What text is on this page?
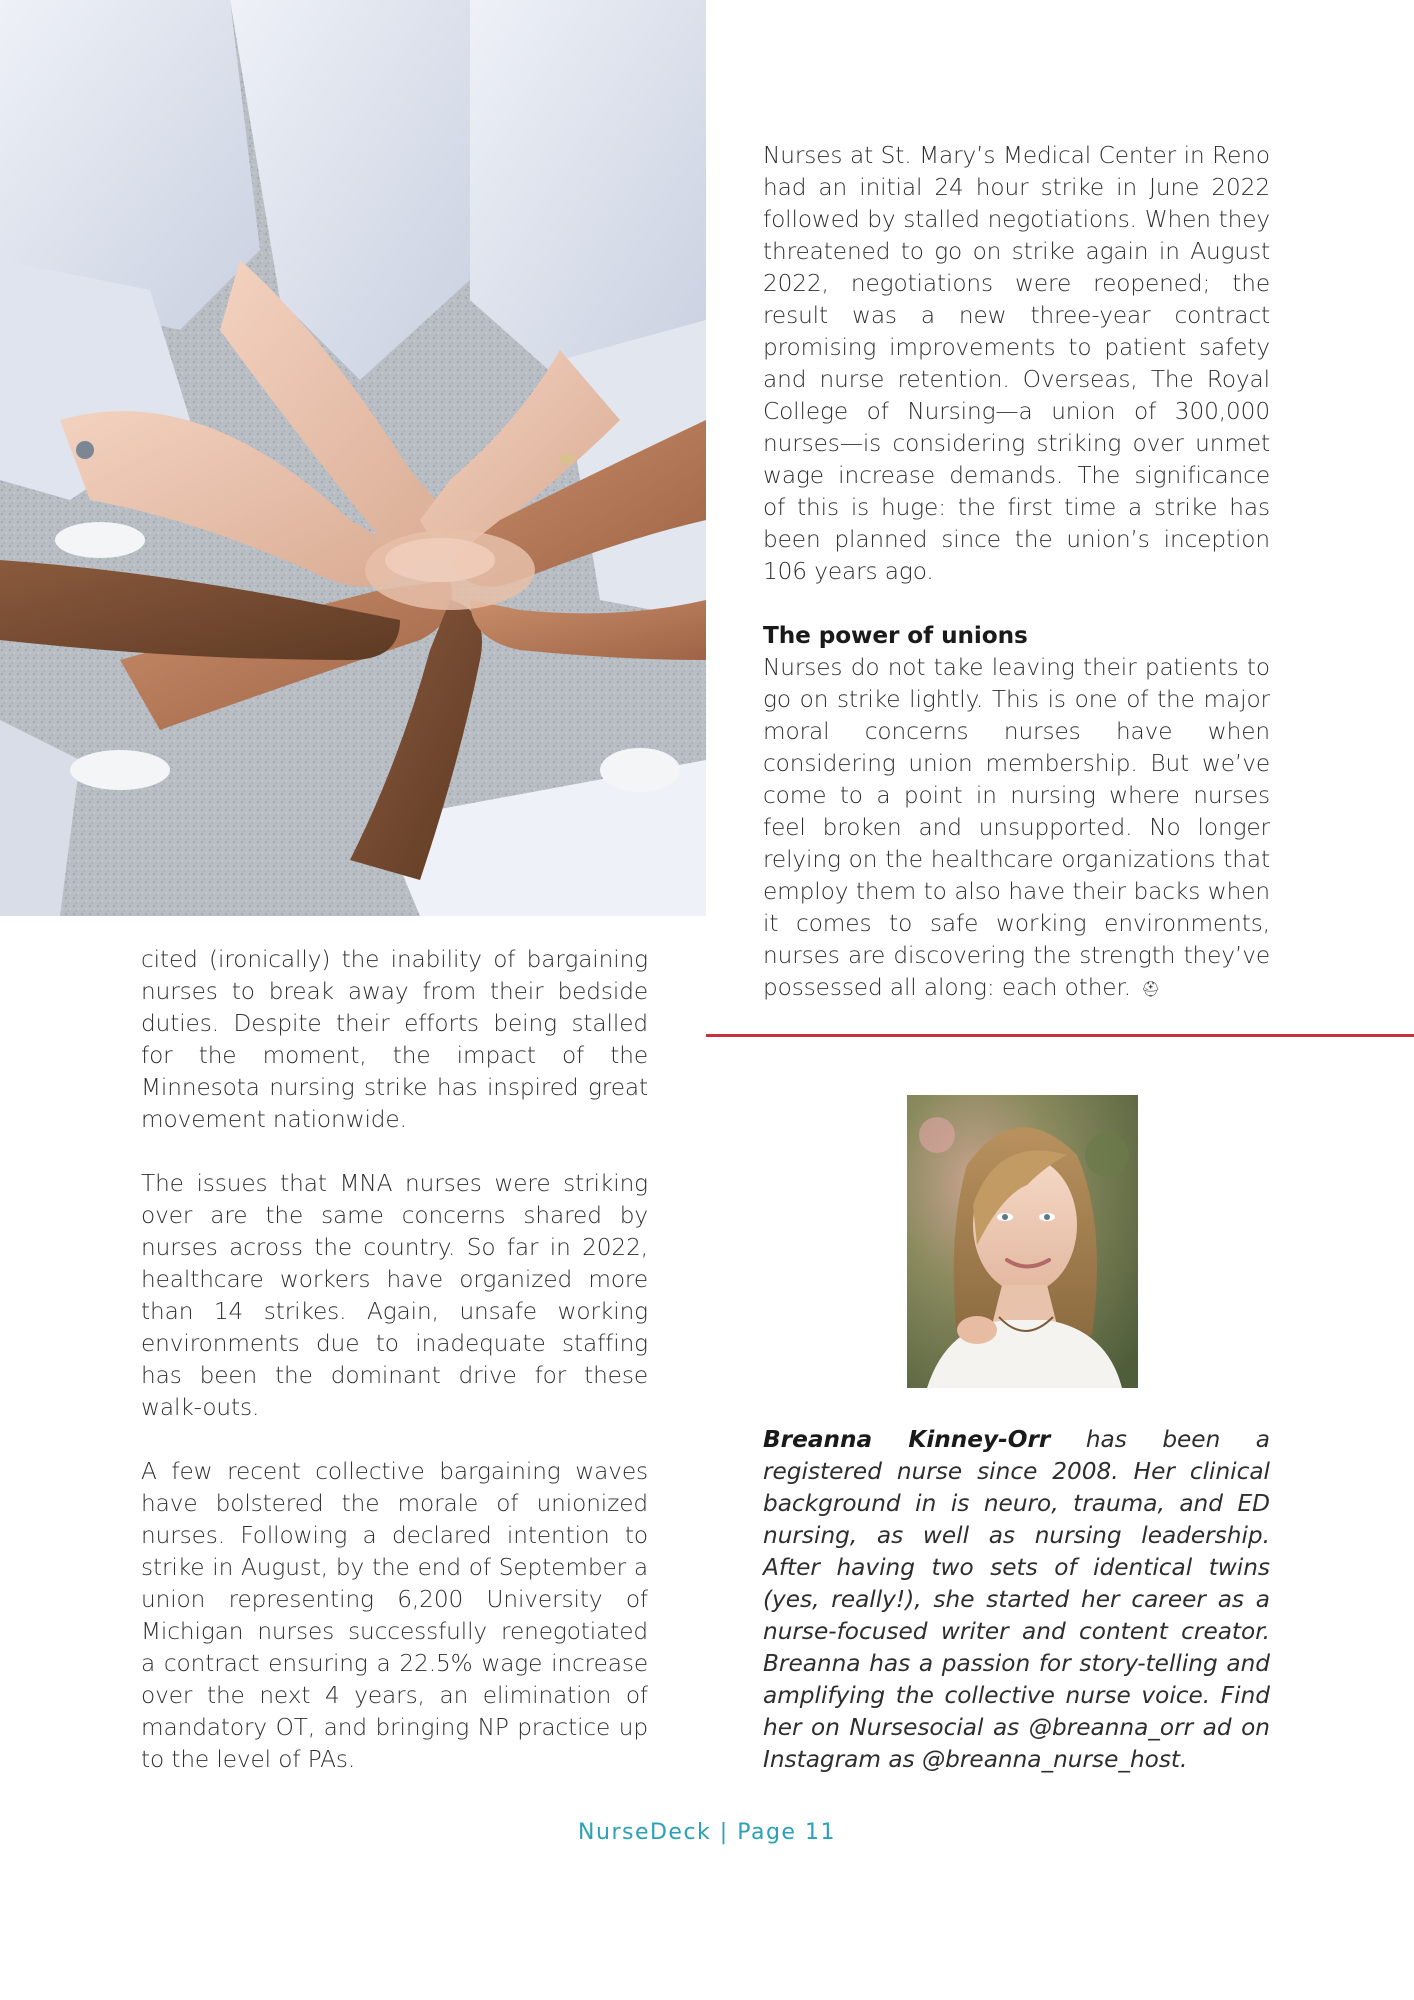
Nurses at St. Mary’s Medical Center in Reno had an initial 24 hour strike in June 2022 followed by stalled negotiations. When they threatened to go on strike again in August 2022, negotiations were reopened; the result was a new three-year contract promising improvements to patient safety and nurse retention. Overseas, The Royal College of Nursing—a union of 300,000 nurses—is considering striking over unmet wage increase demands. The significance of this is huge: the first time a strike has been planned since the union’s inception 106 years ago.

The power of unions

Nurses do not take leaving their patients to go on strike lightly. This is one of the major moral concerns nurses have when considering union membership. But we’ve come to a point in nursing where nurses feel broken and unsupported. No longer relying on the healthcare organizations that employ them to also have their backs when it comes to safe working environments, nurses are discovering the strength they’ve possessed all along: each other. ⛑

cited (ironically) the inability of bargaining nurses to break away from their bedside duties. Despite their efforts being stalled for the moment, the impact of the Minnesota nursing strike has inspired great movement nationwide.

The issues that MNA nurses were striking over are the same concerns shared by nurses across the country. So far in 2022, healthcare workers have organized more than 14 strikes. Again, unsafe working environments due to inadequate staffing has been the dominant drive for these walk-outs.

A few recent collective bargaining waves have bolstered the morale of unionized nurses. Following a declared intention to strike in August, by the end of September a union representing 6,200 University of Michigan nurses successfully renegotiated a contract ensuring a 22.5% wage increase over the next 4 years, an elimination of mandatory OT, and bringing NP practice up to the level of PAs.

Breanna Kinney-Orr has been a registered nurse since 2008. Her clinical background in is neuro, trauma, and ED nursing, as well as nursing leadership. After having two sets of identical twins (yes, really!), she started her career as a nurse-focused writer and content creator. Breanna has a passion for story-telling and amplifying the collective nurse voice. Find her on Nursesocial as @breanna_orr ad on Instagram as @breanna_nurse_host.
NurseDeck | Page 11
